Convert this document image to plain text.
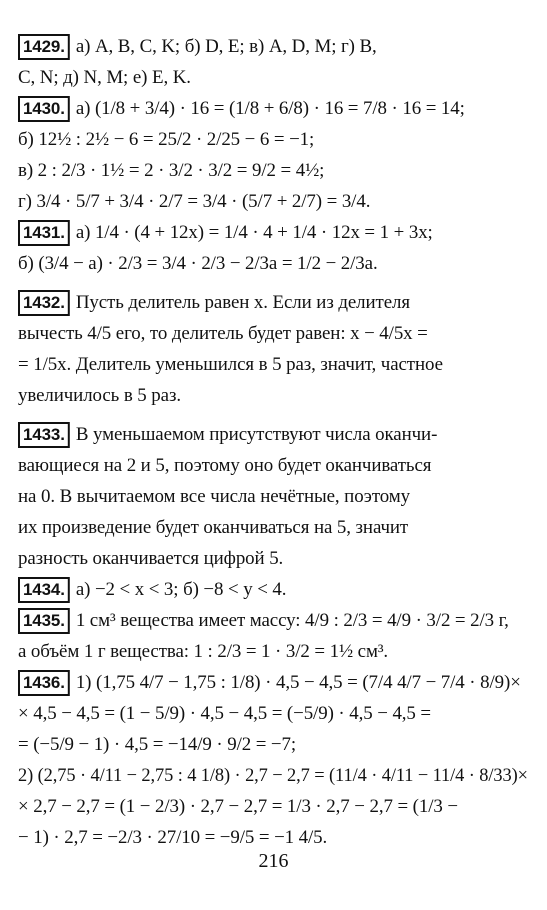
1429. а) A, B, C, K; б) D, E; в) A, D, M; г) B,
C, N; д) N, M; е) E, K.
1430. а) (1/8 + 3/4) · 16 = (1/8 + 6/8) · 16 = 7/8 · 16 = 14;
б) 12½ : 2½ − 6 = 25/2 · 2/25 − 6 = −1;
в) 2 : 2/3 · 1½ = 2 · 3/2 · 3/2 = 9/2 = 4½;
г) 3/4 · 5/7 + 3/4 · 2/7 = 3/4 · (5/7 + 2/7) = 3/4.
1431. а) 1/4 · (4 + 12x) = 1/4 · 4 + 1/4 · 12x = 1 + 3x;
б) (3/4 − a) · 2/3 = 3/4 · 2/3 − 2/3a = 1/2 − 2/3a.
1432. Пусть делитель равен x. Если из делителя
вычесть 4/5 его, то делитель будет равен: x − 4/5x =
= 1/5x. Делитель уменьшился в 5 раз, значит, частное
увеличилось в 5 раз.
1433. В уменьшаемом присутствуют числа оканчи-
вающиеся на 2 и 5, поэтому оно будет оканчиваться
на 0. В вычитаемом все числа нечётные, поэтому
их произведение будет оканчиваться на 5, значит
разность оканчивается цифрой 5.
1434. а) −2 < x < 3; б) −8 < y < 4.
1435. 1 см³ вещества имеет массу: 4/9 : 2/3 = 4/9 · 3/2 = 2/3 г,
а объём 1 г вещества: 1 : 2/3 = 1 · 3/2 = 1½ см³.
1436. 1) (1,75 4/7 − 1,75 : 1/8) · 4,5 − 4,5 = (7/4 4/7 − 7/4 · 8/9)×
× 4,5 − 4,5 = (1 − 5/9) · 4,5 − 4,5 = (−5/9) · 4,5 − 4,5 =
= (−5/9 − 1) · 4,5 = −14/9 · 9/2 = −7;
2) (2,75 · 4/11 − 2,75 : 4 1/8) · 2,7 − 2,7 = (11/4 · 4/11 − 11/4 · 8/33)×
× 2,7 − 2,7 = (1 − 2/3) · 2,7 − 2,7 = 1/3 · 2,7 − 2,7 = (1/3 −
− 1) · 2,7 = −2/3 · 27/10 = −9/5 = −1 4/5.
216
